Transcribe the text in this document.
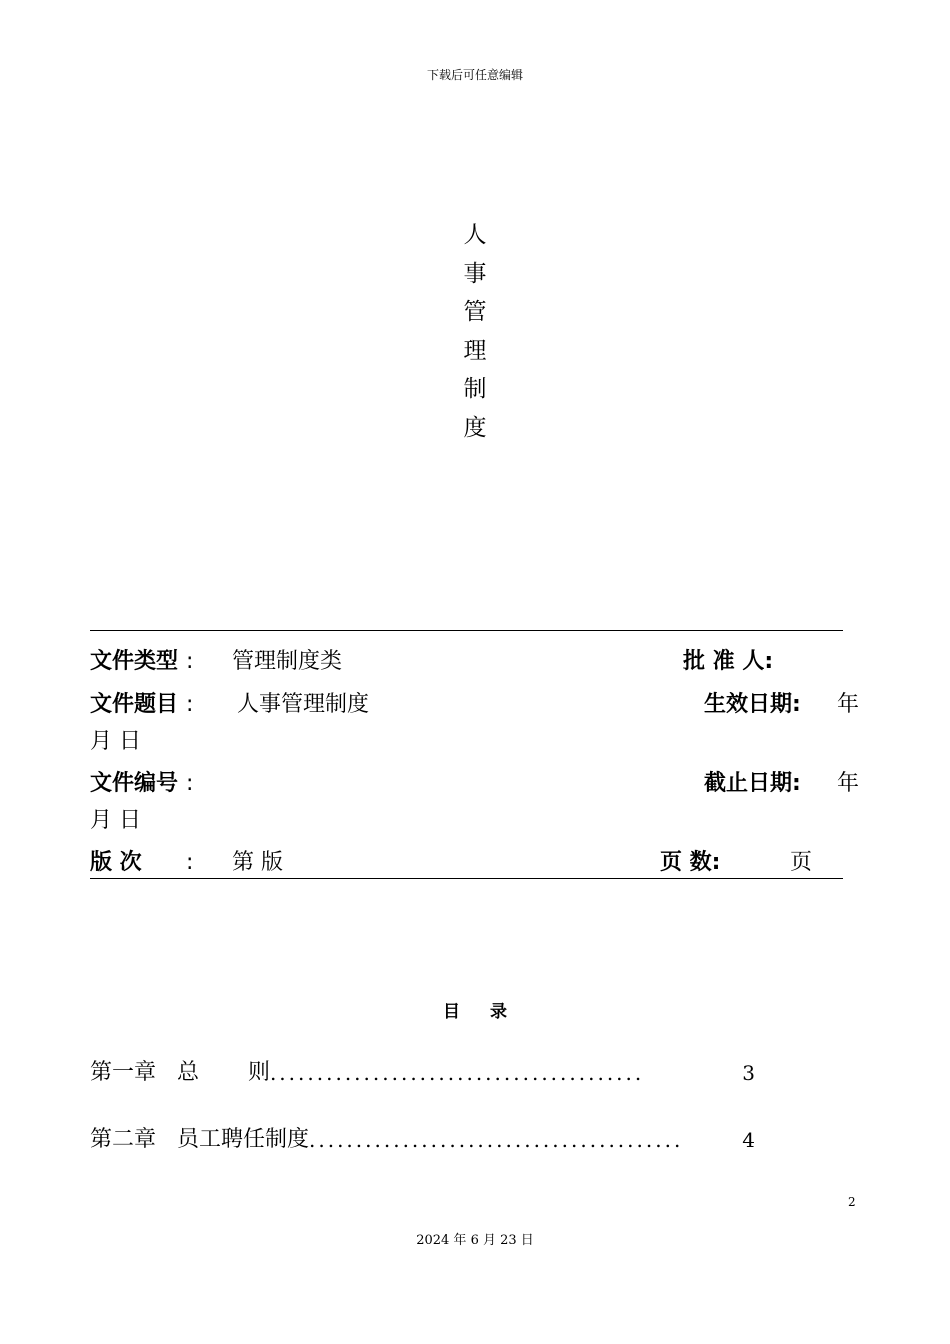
下载后可任意编辑
人
事
管
理
制
度
文件类型 : 管理制度类	批 准 人:
文件题目 : 人事管理制度	生效日期: 年
月 日
文件编号 :	截止日期: 年
月 日
版 次 : 第 版	页 数:	页
目录
第一章 总       则 ........................................	3
第二章 员工聘任制度 ........................................	4
2
2024 年 6 月 23 日
